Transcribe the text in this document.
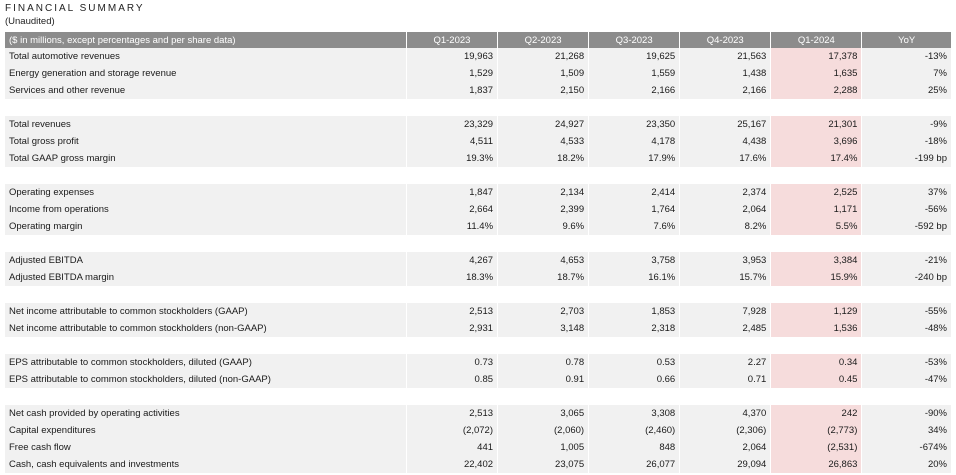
FINANCIAL SUMMARY
(Unaudited)
($ in millions, except percentages and per share data)	Q1-2023	Q2-2023	Q3-2023	Q4-2023	Q1-2024	YoY
Total automotive revenues	19,963	21,268	19,625	21,563	17,378	-13%
Energy generation and storage revenue	1,529	1,509	1,559	1,438	1,635	7%
Services and other revenue	1,837	2,150	2,166	2,166	2,288	25%

Total revenues	23,329	24,927	23,350	25,167	21,301	-9%
Total gross profit	4,511	4,533	4,178	4,438	3,696	-18%
Total GAAP gross margin	19.3%	18.2%	17.9%	17.6%	17.4%	-199 bp

Operating expenses	1,847	2,134	2,414	2,374	2,525	37%
Income from operations	2,664	2,399	1,764	2,064	1,171	-56%
Operating margin	11.4%	9.6%	7.6%	8.2%	5.5%	-592 bp

Adjusted EBITDA	4,267	4,653	3,758	3,953	3,384	-21%
Adjusted EBITDA margin	18.3%	18.7%	16.1%	15.7%	15.9%	-240 bp

Net income attributable to common stockholders (GAAP)	2,513	2,703	1,853	7,928	1,129	-55%
Net income attributable to common stockholders (non-GAAP)	2,931	3,148	2,318	2,485	1,536	-48%

EPS attributable to common stockholders, diluted (GAAP)	0.73	0.78	0.53	2.27	0.34	-53%
EPS attributable to common stockholders, diluted (non-GAAP)	0.85	0.91	0.66	0.71	0.45	-47%

Net cash provided by operating activities	2,513	3,065	3,308	4,370	242	-90%
Capital expenditures	(2,072)	(2,060)	(2,460)	(2,306)	(2,773)	34%
Free cash flow	441	1,005	848	2,064	(2,531)	-674%
Cash, cash equivalents and investments	22,402	23,075	26,077	29,094	26,863	20%
